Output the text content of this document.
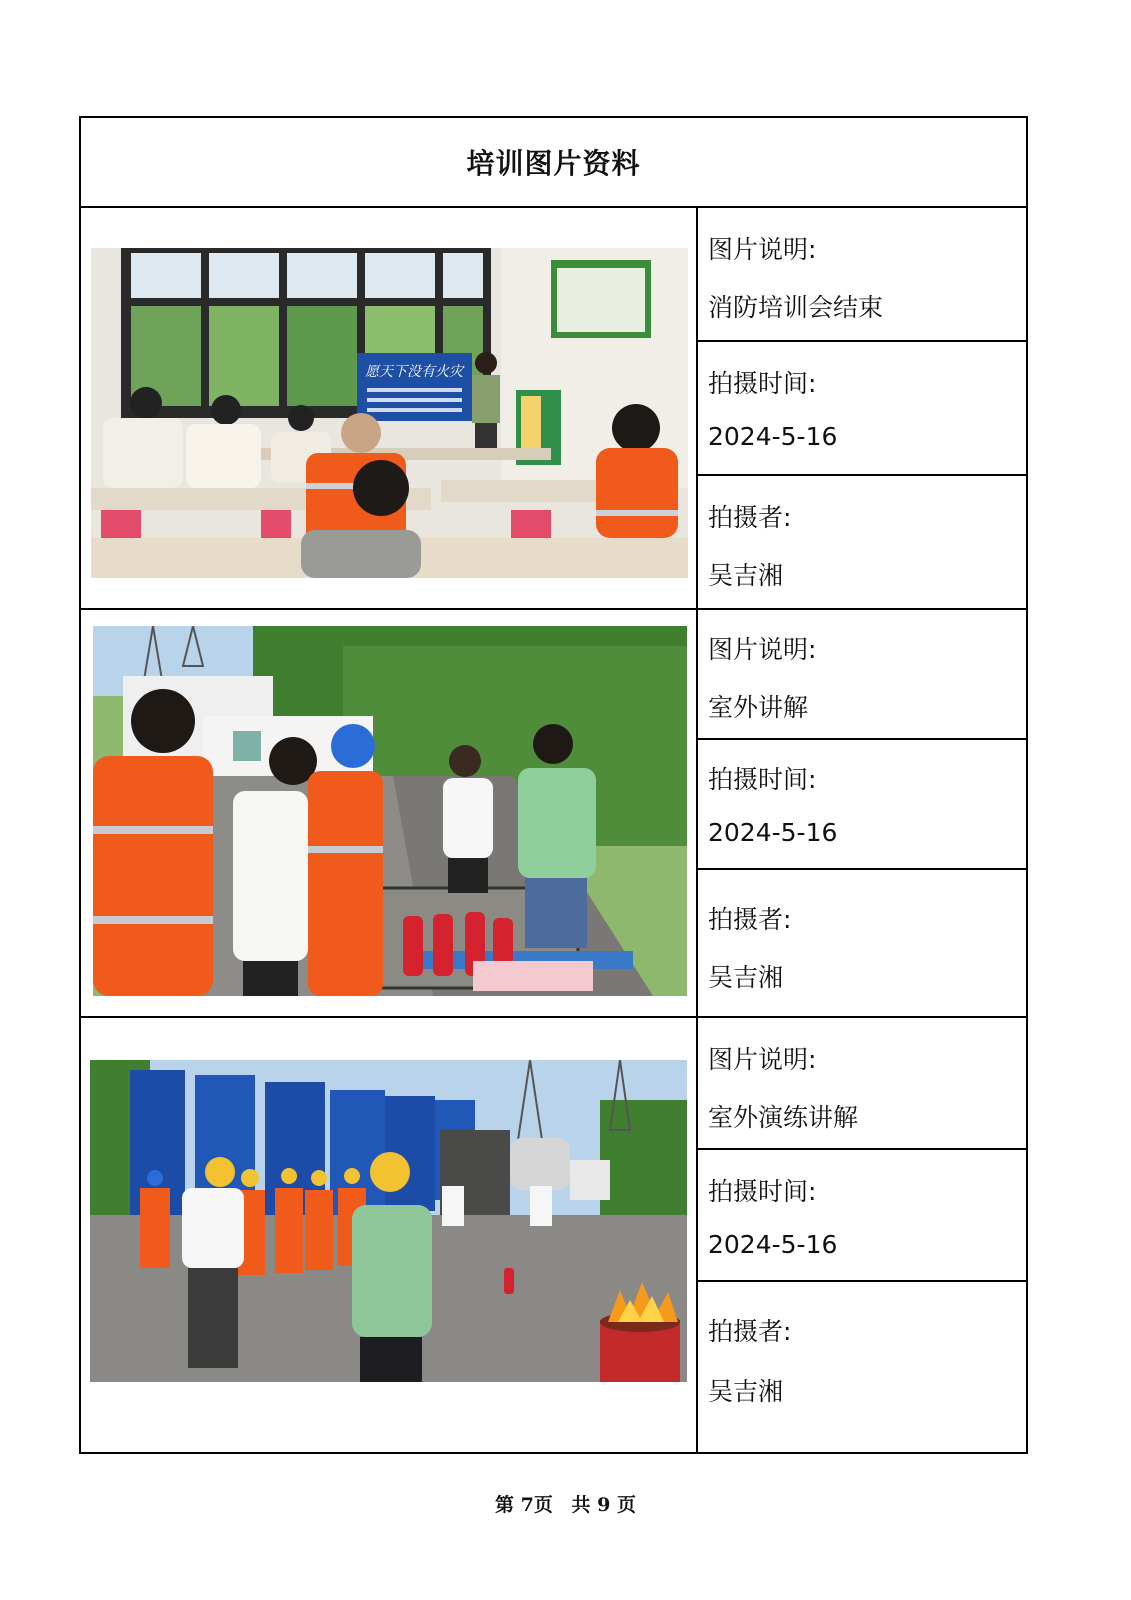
培训图片资料
愿天下没有火灾
图片说明:
消防培训会结束
拍摄时间:
2024-5-16
拍摄者:
吴吉湘
图片说明:
室外讲解
拍摄时间:
2024-5-16
拍摄者:
吴吉湘
图片说明:
室外演练讲解
拍摄时间:
2024-5-16
拍摄者:
吴吉湘
第 7页 共 9 页
